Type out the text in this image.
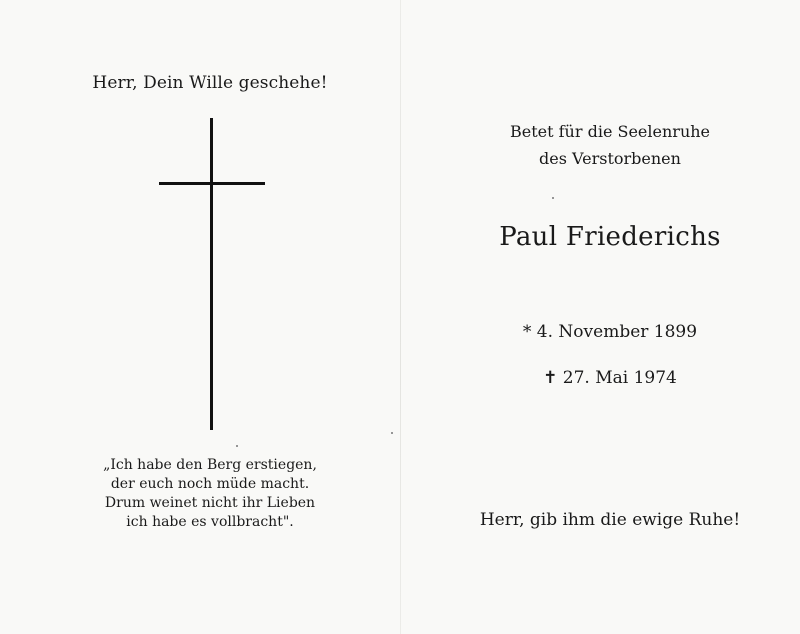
Herr, Dein Wille geschehe!
„Ich habe den Berg erstiegen,
der euch noch müde macht.
Drum weinet nicht ihr Lieben
ich habe es vollbracht".
Betet für die Seelenruhe
des Verstorbenen
Paul Friederichs
* 4. November 1899
✝ 27. Mai 1974
Herr, gib ihm die ewige Ruhe!
